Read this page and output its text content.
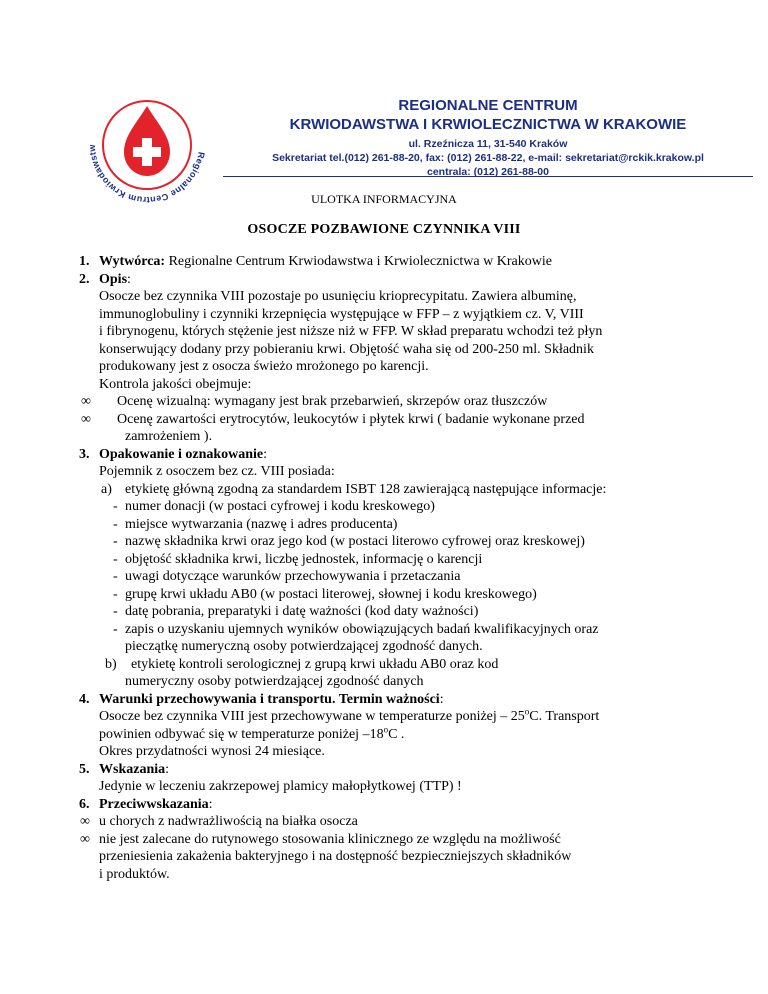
Regionalne Centrum Krwiodawstw
REGIONALNE CENTRUM
KRWIODAWSTWA I KRWIOLECZNICTWA W KRAKOWIE
ul. Rzeźnicza 11, 31-540 Kraków
Sekretariat tel.(012) 261-88-20, fax: (012) 261-88-22, e-mail: sekretariat@rckik.krakow.pl
centrala: (012) 261-88-00
ULOTKA INFORMACYJNA
OSOCZE POZBAWIONE CZYNNIKA VIII
1. Wytwórca: Regionalne Centrum Krwiodawstwa i Krwiolecznictwa w Krakowie
2. Opis:
Osocze bez czynnika VIII pozostaje po usunięciu krioprecypitatu. Zawiera albuminę,
immunoglobuliny i czynniki krzepnięcia występujące w FFP – z wyjątkiem cz. V, VIII
i fibrynogenu, których stężenie jest niższe niż w FFP. W skład preparatu wchodzi też płyn
konserwujący dodany przy pobieraniu krwi. Objętość waha się od 200-250 ml. Składnik
produkowany jest z osocza świeżo mrożonego po karencji.
Kontrola jakości obejmuje:
∞ Ocenę wizualną: wymagany jest brak przebarwień, skrzepów oraz tłuszczów
∞ Ocenę zawartości erytrocytów, leukocytów i płytek krwi ( badanie wykonane przed
zamrożeniem ).
3. Opakowanie i oznakowanie:
Pojemnik z osoczem bez cz. VIII posiada:
a) etykietę główną zgodną za standardem ISBT 128 zawierającą następujące informacje:
- numer donacji (w postaci cyfrowej i kodu kreskowego)
- miejsce wytwarzania (nazwę i adres producenta)
- nazwę składnika krwi oraz jego kod (w postaci literowo cyfrowej oraz kreskowej)
- objętość składnika krwi, liczbę jednostek, informację o karencji
- uwagi dotyczące warunków przechowywania i przetaczania
- grupę krwi układu AB0 (w postaci literowej, słownej i kodu kreskowego)
- datę pobrania, preparatyki i datę ważności (kod daty ważności)
- zapis o uzyskaniu ujemnych wyników obowiązujących badań kwalifikacyjnych oraz
pieczątkę numeryczną osoby potwierdzającej zgodność danych.
b) etykietę kontroli serologicznej z grupą krwi układu AB0 oraz kod
numeryczny osoby potwierdzającej zgodność danych
4. Warunki przechowywania i transportu. Termin ważności:
Osocze bez czynnika VIII jest przechowywane w temperaturze poniżej – 25$^o$C. Transport
powinien odbywać się w temperaturze poniżej –18$^o$C .
Okres przydatności wynosi 24 miesiące.
5. Wskazania:
Jedynie w leczeniu zakrzepowej plamicy małopłytkowej (TTP) !
6. Przeciwwskazania:
∞ u chorych z nadwrażliwością na białka osocza
∞ nie jest zalecane do rutynowego stosowania klinicznego ze względu na możliwość
przeniesienia zakażenia bakteryjnego i na dostępność bezpieczniejszych składników
i produktów.
